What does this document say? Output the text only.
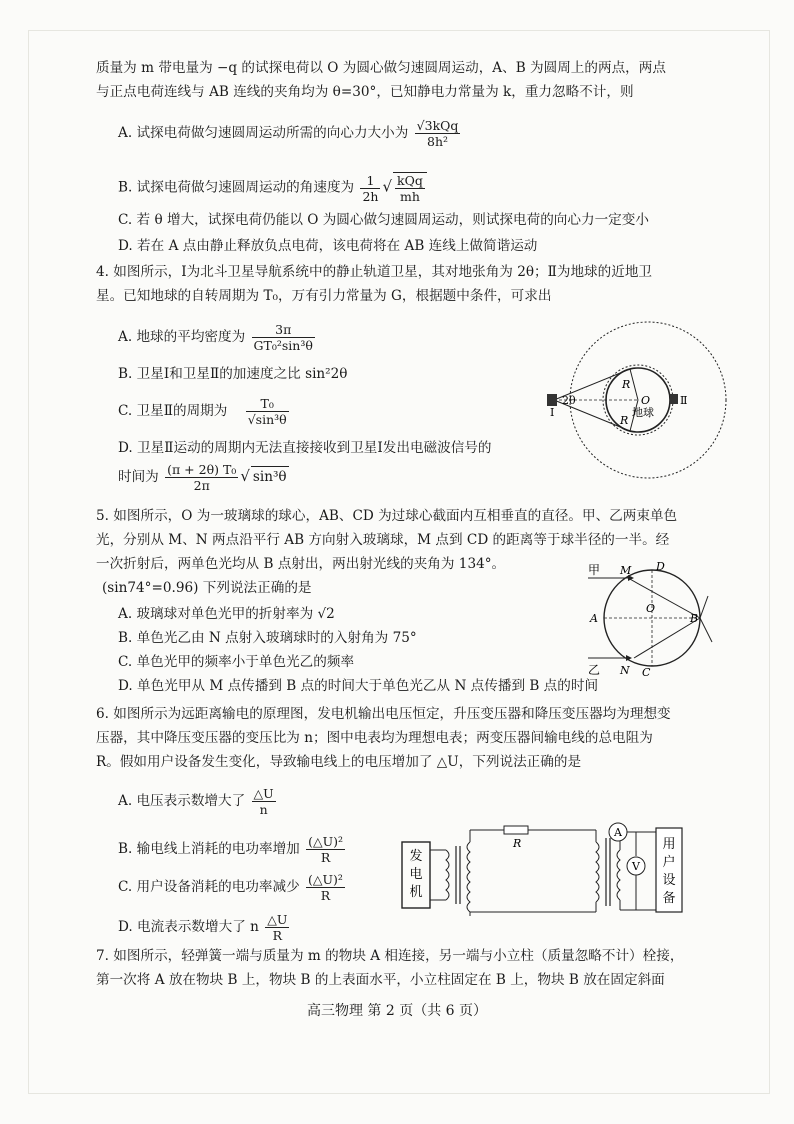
质量为 m 带电量为 −q 的试探电荷以 O 为圆心做匀速圆周运动，A、B 为圆周上的两点，两点
与正点电荷连线与 AB 连线的夹角均为 θ=30°，已知静电力常量为 k，重力忽略不计，则
A. 试探电荷做匀速圆周运动所需的向心力大小为 $\frac{\text{√3kQq}}{\text{8h²}}$
B. 试探电荷做匀速圆周运动的角速度为 $\frac{1}{2h}$ √ $\frac{\text{kQq}}{mh}$
C. 若 θ 增大，试探电荷仍能以 O 为圆心做匀速圆周运动，则试探电荷的向心力一定变小
D. 若在 A 点由静止释放负点电荷，该电荷将在 AB 连线上做简谐运动
4. 如图所示，Ⅰ为北斗卫星导航系统中的静止轨道卫星，其对地张角为 2θ；Ⅱ为地球的近地卫
星。已知地球的自转周期为 T₀，万有引力常量为 G，根据题中条件，可求出
A. 地球的平均密度为 $\frac{3\pi}{\text{GT₀²sin³θ}}$
B. 卫星Ⅰ和卫星Ⅱ的加速度之比 sin²2θ
C. 卫星Ⅱ的周期为 $\frac{\text{T₀}}{\text{√sin³θ}}$
D. 卫星Ⅱ运动的周期内无法直接接收到卫星Ⅰ发出电磁波信号的
时间为 $\frac{\text{(π + 2θ) T₀}}{2\pi}$ √ sin³θ
Ⅰ
Ⅱ
2θ	O
R
R
地球
5. 如图所示，O 为一玻璃球的球心，AB、CD 为过球心截面内互相垂直的直径。甲、乙两束单色
光，分别从 M、N 两点沿平行 AB 方向射入玻璃球，M 点到 CD 的距离等于球半径的一半。经
一次折射后，两单色光均从 B 点射出，两出射光线的夹角为 134°。
(sin74°=0.96) 下列说法正确的是
A. 玻璃球对单色光甲的折射率为 √2
B. 单色光乙由 N 点射入玻璃球时的入射角为 75°
C. 单色光甲的频率小于单色光乙的频率
D. 单色光甲从 M 点传播到 B 点的时间大于单色光乙从 N 点传播到 B 点的时间
甲 M D
O
A	B
乙 N C
6. 如图所示为远距离输电的原理图，发电机输出电压恒定，升压变压器和降压变压器均为理想变
压器，其中降压变压器的变压比为 n；图中电表均为理想电表；两变压器间输电线的总电阻为
R。假如用户设备发生变化，导致输电线上的电压增加了 △U，下列说法正确的是
A. 电压表示数增大了 $\frac{\triangle U}{n}$
B. 输电线上消耗的电功率增加 $\frac{\text{(△U)²}}{R}$
C. 用户设备消耗的电功率减少 $\frac{\text{(△U)²}}{R}$
D. 电流表示数增大了 n $\frac{\triangle U}{R}$
发电机
R
A
V
用户设备
7. 如图所示，轻弹簧一端与质量为 m 的物块 A 相连接，另一端与小立柱（质量忽略不计）栓接，
第一次将 A 放在物块 B 上，物块 B 的上表面水平，小立柱固定在 B 上，物块 B 放在固定斜面
高三物理 第 2 页（共 6 页）
